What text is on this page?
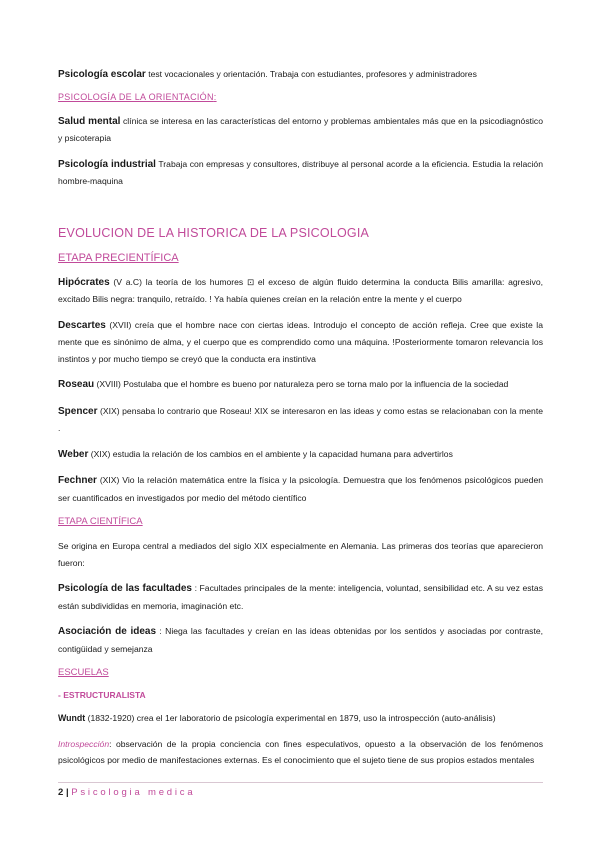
Psicología escolar test vocacionales y orientación. Trabaja con estudiantes, profesores y administradores

PSICOLOGÍA DE LA ORIENTACIÓN:

Salud mental clínica se interesa en las características del entorno y problemas ambientales más que en la psicodiagnóstico y psicoterapia

Psicología industrial Trabaja con empresas y consultores, distribuye al personal acorde a la eficiencia. Estudia la relación hombre-maquina

EVOLUCION DE LA HISTORICA DE LA PSICOLOGIA
ETAPA PRECIENTÍFICA

Hipócrates (V a.C) la teoría de los humores ⊡ el exceso de algún fluido determina la conducta Bilis amarilla: agresivo, excitado Bilis negra: tranquilo, retraído. ! Ya había quienes creían en la relación entre la mente y el cuerpo

Descartes (XVII) creía que el hombre nace con ciertas ideas. Introdujo el concepto de acción refleja. Cree que existe la mente que es sinónimo de alma, y el cuerpo que es comprendido como una máquina. !Posteriormente tomaron relevancia los instintos y por mucho tiempo se creyó que la conducta era instintiva

Roseau (XVIII) Postulaba que el hombre es bueno por naturaleza pero se torna malo por la influencia de la sociedad

Spencer (XIX) pensaba lo contrario que Roseau! XIX se interesaron en las ideas y como estas se relacionaban con la mente .

Weber (XIX) estudia la relación de los cambios en el ambiente y la capacidad humana para advertirlos

Fechner (XIX) Vio la relación matemática entre la física y la psicología. Demuestra que los fenómenos psicológicos pueden ser cuantificados en investigados por medio del método científico

ETAPA CIENTÍFICA

Se origina en Europa central a mediados del siglo XIX especialmente en Alemania. Las primeras dos teorías que aparecieron fueron:

Psicología de las facultades : Facultades principales de la mente: inteligencia, voluntad, sensibilidad etc. A su vez estas están subdivididas en memoria, imaginación etc.

Asociación de ideas : Niega las facultades y creían en las ideas obtenidas por los sentidos y asociadas por contraste, contigüidad y semejanza

ESCUELAS
- ESTRUCTURALISTA

Wundt (1832-1920) crea el 1er laboratorio de psicología experimental en 1879, uso la introspección (auto-análisis)

Introspección: observación de la propia conciencia con fines especulativos, opuesto a la observación de los fenómenos psicológicos por medio de manifestaciones externas. Es el conocimiento que el sujeto tiene de sus propios estados mentales

2 | Psicologia medica
